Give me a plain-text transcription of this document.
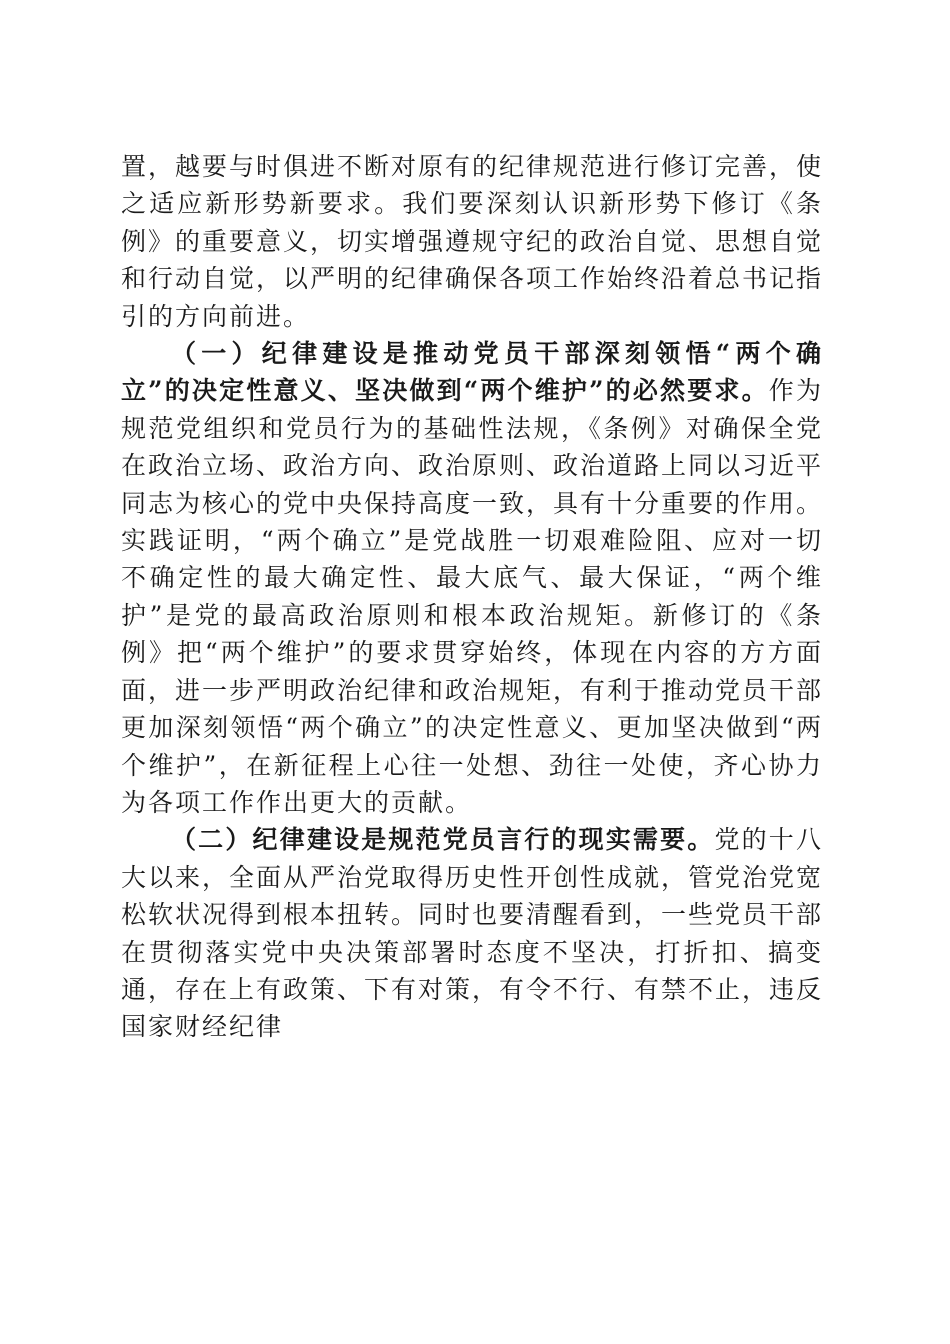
置，越要与时俱进不断对原有的纪律规范进行修订完善，使之适应新形势新要求。我们要深刻认识新形势下修订《条例》的重要意义，切实增强遵规守纪的政治自觉、思想自觉和行动自觉，以严明的纪律确保各项工作始终沿着总书记指引的方向前进。

（一）纪律建设是推动党员干部深刻领悟“两个确立”的决定性意义、坚决做到“两个维护”的必然要求。作为规范党组织和党员行为的基础性法规，《条例》对确保全党在政治立场、政治方向、政治原则、政治道路上同以习近平同志为核心的党中央保持高度一致，具有十分重要的作用。实践证明，“两个确立”是党战胜一切艰难险阻、应对一切不确定性的最大确定性、最大底气、最大保证，“两个维护”是党的最高政治原则和根本政治规矩。新修订的《条例》把“两个维护”的要求贯穿始终，体现在内容的方方面面，进一步严明政治纪律和政治规矩，有利于推动党员干部更加深刻领悟“两个确立”的决定性意义、更加坚决做到“两个维护”，在新征程上心往一处想、劲往一处使，齐心协力为各项工作作出更大的贡献。

（二）纪律建设是规范党员言行的现实需要。党的十八大以来，全面从严治党取得历史性开创性成就，管党治党宽松软状况得到根本扭转。同时也要清醒看到，一些党员干部在贯彻落实党中央决策部署时态度不坚决，打折扣、搞变通，存在上有政策、下有对策，有令不行、有禁不止，违反国家财经纪律
